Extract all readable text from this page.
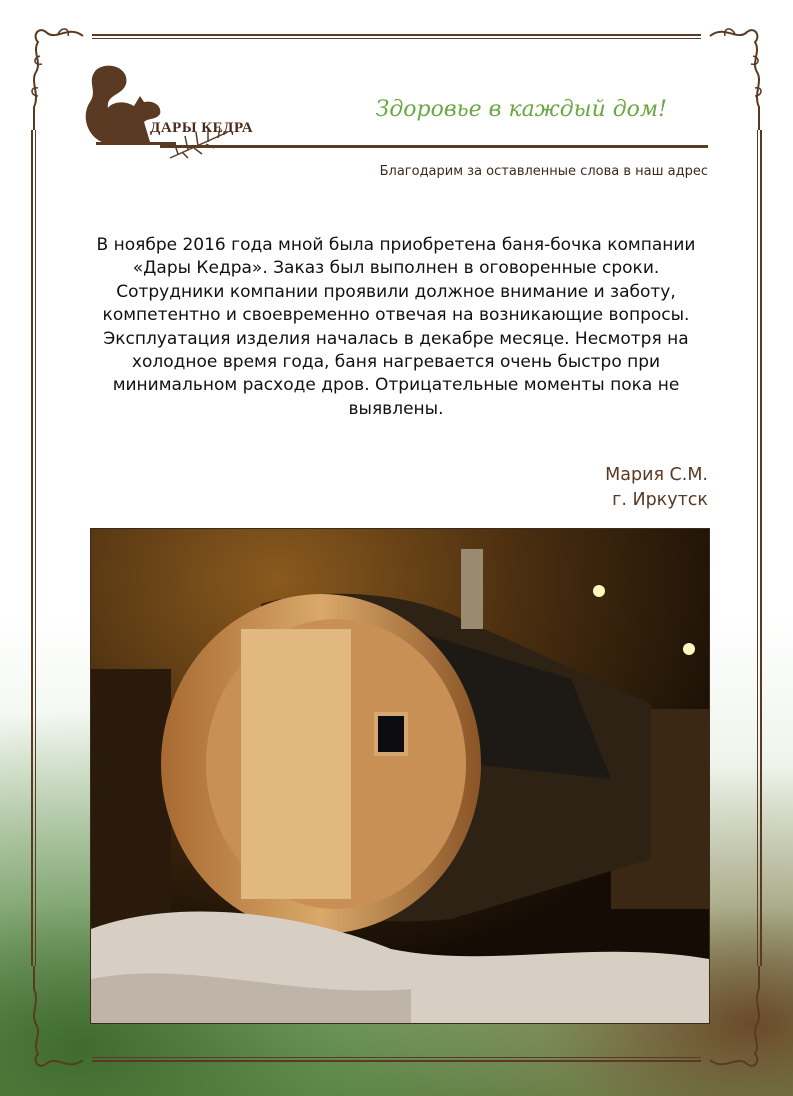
ДАРЫ КЕДРА
Здоровье в каждый дом!
Благодарим за оставленные слова в наш адрес
В ноябре 2016 года мной была приобретена баня-бочка компании «Дары Кедра». Заказ был выполнен в оговоренные сроки. Сотрудники компании проявили должное внимание и заботу, компетентно и своевременно отвечая на возникающие вопросы. Эксплуатация изделия началась в декабре месяце. Несмотря на холодное время года, баня нагревается очень быстро при минимальном расходе дров. Отрицательные моменты пока не выявлены.
Мария С.М.
г. Иркутск
